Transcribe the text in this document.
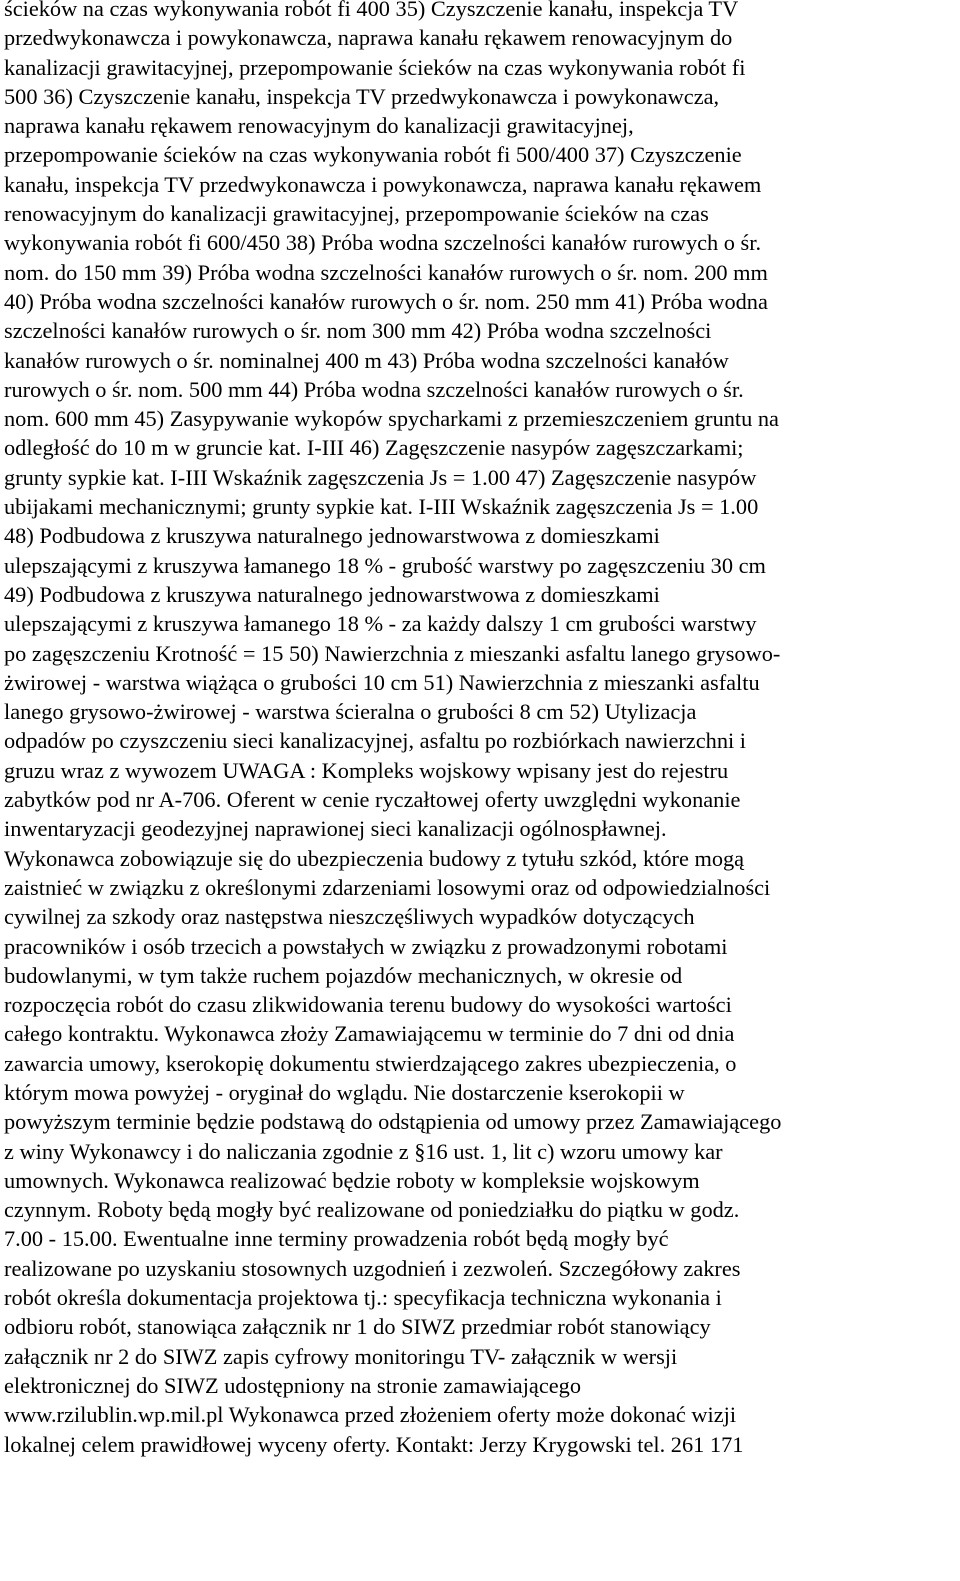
ścieków na czas wykonywania robót fi 400 35) Czyszczenie kanału, inspekcja TV
przedwykonawcza i powykonawcza, naprawa kanału rękawem renowacyjnym do
kanalizacji grawitacyjnej, przepompowanie ścieków na czas wykonywania robót fi
500 36) Czyszczenie kanału, inspekcja TV przedwykonawcza i powykonawcza,
naprawa kanału rękawem renowacyjnym do kanalizacji grawitacyjnej,
przepompowanie ścieków na czas wykonywania robót fi 500/400 37) Czyszczenie
kanału, inspekcja TV przedwykonawcza i powykonawcza, naprawa kanału rękawem
renowacyjnym do kanalizacji grawitacyjnej, przepompowanie ścieków na czas
wykonywania robót fi 600/450 38) Próba wodna szczelności kanałów rurowych o śr.
nom. do 150 mm 39) Próba wodna szczelności kanałów rurowych o śr. nom. 200 mm
40) Próba wodna szczelności kanałów rurowych o śr. nom. 250 mm 41) Próba wodna
szczelności kanałów rurowych o śr. nom 300 mm 42) Próba wodna szczelności
kanałów rurowych o śr. nominalnej 400 m 43) Próba wodna szczelności kanałów
rurowych o śr. nom. 500 mm 44) Próba wodna szczelności kanałów rurowych o śr.
nom. 600 mm 45) Zasypywanie wykopów spycharkami z przemieszczeniem gruntu na
odległość do 10 m w gruncie kat. I-III 46) Zagęszczenie nasypów zagęszczarkami;
grunty sypkie kat. I-III Wskaźnik zagęszczenia Js = 1.00 47) Zagęszczenie nasypów
ubijakami mechanicznymi; grunty sypkie kat. I-III Wskaźnik zagęszczenia Js = 1.00
48) Podbudowa z kruszywa naturalnego jednowarstwowa z domieszkami
ulepszającymi z kruszywa łamanego 18 % - grubość warstwy po zagęszczeniu 30 cm
49) Podbudowa z kruszywa naturalnego jednowarstwowa z domieszkami
ulepszającymi z kruszywa łamanego 18 % - za każdy dalszy 1 cm grubości warstwy
po zagęszczeniu Krotność = 15 50) Nawierzchnia z mieszanki asfaltu lanego grysowo-
żwirowej - warstwa wiążąca o grubości 10 cm 51) Nawierzchnia z mieszanki asfaltu
lanego grysowo-żwirowej - warstwa ścieralna o grubości 8 cm 52) Utylizacja
odpadów po czyszczeniu sieci kanalizacyjnej, asfaltu po rozbiórkach nawierzchni i
gruzu wraz z wywozem UWAGA : Kompleks wojskowy wpisany jest do rejestru
zabytków pod nr A-706. Oferent w cenie ryczałtowej oferty uwzględni wykonanie
inwentaryzacji geodezyjnej naprawionej sieci kanalizacji ogólnospławnej.
Wykonawca zobowiązuje się do ubezpieczenia budowy z tytułu szkód, które mogą
zaistnieć w związku z określonymi zdarzeniami losowymi oraz od odpowiedzialności
cywilnej za szkody oraz następstwa nieszczęśliwych wypadków dotyczących
pracowników i osób trzecich a powstałych w związku z prowadzonymi robotami
budowlanymi, w tym także ruchem pojazdów mechanicznych, w okresie od
rozpoczęcia robót do czasu zlikwidowania terenu budowy do wysokości wartości
całego kontraktu. Wykonawca złoży Zamawiającemu w terminie do 7 dni od dnia
zawarcia umowy, kserokopię dokumentu stwierdzającego zakres ubezpieczenia, o
którym mowa powyżej - oryginał do wglądu. Nie dostarczenie kserokopii w
powyższym terminie będzie podstawą do odstąpienia od umowy przez Zamawiającego
z winy Wykonawcy i do naliczania zgodnie z §16 ust. 1, lit c) wzoru umowy kar
umownych. Wykonawca realizować będzie roboty w kompleksie wojskowym
czynnym. Roboty będą mogły być realizowane od poniedziałku do piątku w godz.
7.00 - 15.00. Ewentualne inne terminy prowadzenia robót będą mogły być
realizowane po uzyskaniu stosownych uzgodnień i zezwoleń. Szczegółowy zakres
robót określa dokumentacja projektowa tj.: specyfikacja techniczna wykonania i
odbioru robót, stanowiąca załącznik nr 1 do SIWZ przedmiar robót stanowiący
załącznik nr 2 do SIWZ zapis cyfrowy monitoringu TV- załącznik w wersji
elektronicznej do SIWZ udostępniony na stronie zamawiającego
www.rzilublin.wp.mil.pl Wykonawca przed złożeniem oferty może dokonać wizji
lokalnej celem prawidłowej wyceny oferty. Kontakt: Jerzy Krygowski tel. 261 171
